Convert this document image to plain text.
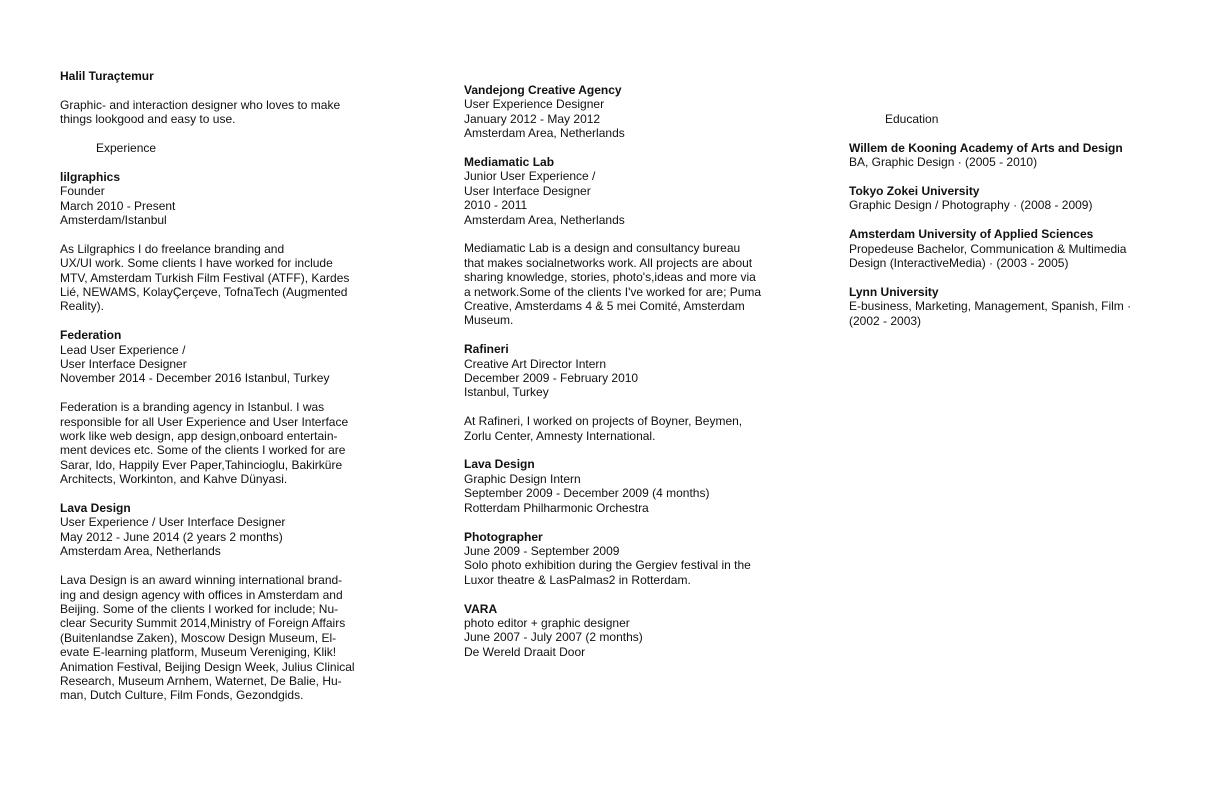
Halil Turaçtemur
Graphic- and interaction designer who loves to make
things lookgood and easy to use.
Experience
lilgraphics
Founder
March 2010 - Present
Amsterdam/Istanbul
As Lilgraphics I do freelance branding and
UX/UI work. Some clients I have worked for include
MTV, Amsterdam Turkish Film Festival (ATFF), Kardes
Lié, NEWAMS, KolayÇerçeve, TofnaTech (Augmented
Reality).
Federation
Lead User Experience /
User Interface Designer
November 2014 - December 2016 Istanbul, Turkey
Federation is a branding agency in Istanbul. I was
responsible for all User Experience and User Interface
work like web design, app design,onboard entertain-
ment devices etc. Some of the clients I worked for are
Sarar, Ido, Happily Ever Paper,Tahincioglu, Bakirküre
Architects, Workinton, and Kahve Dünyasi.
Lava Design
User Experience / User Interface Designer
May 2012 - June 2014 (2 years 2 months)
Amsterdam Area, Netherlands
Lava Design is an award winning international brand-
ing and design agency with offices in Amsterdam and
Beijing. Some of the clients I worked for include; Nu-
clear Security Summit 2014,Ministry of Foreign Affairs
(Buitenlandse Zaken), Moscow Design Museum, El-
evate E-learning platform, Museum Vereniging, Klik!
Animation Festival, Beijing Design Week, Julius Clinical
Research, Museum Arnhem, Waternet, De Balie, Hu-
man, Dutch Culture, Film Fonds, Gezondgids.
Vandejong Creative Agency
User Experience Designer
January 2012 - May 2012
Amsterdam Area, Netherlands
Mediamatic Lab
Junior User Experience /
User Interface Designer
2010 - 2011
Amsterdam Area, Netherlands
Mediamatic Lab is a design and consultancy bureau
that makes socialnetworks work. All projects are about
sharing knowledge, stories, photo's,ideas and more via
a network.Some of the clients I've worked for are; Puma
Creative, Amsterdams 4 & 5 mei Comité, Amsterdam
Museum.
Rafineri
Creative Art Director Intern
December 2009 - February 2010
Istanbul, Turkey
At Rafineri, I worked on projects of Boyner, Beymen,
Zorlu Center, Amnesty International.
Lava Design
Graphic Design Intern
September 2009 - December 2009 (4 months)
Rotterdam Philharmonic Orchestra
Photographer
June 2009 - September 2009
Solo photo exhibition during the Gergiev festival in the
Luxor theatre & LasPalmas2 in Rotterdam.
VARA
photo editor + graphic designer
June 2007 - July 2007 (2 months)
De Wereld Draait Door
Education
Willem de Kooning Academy of Arts and Design
BA, Graphic Design · (2005 - 2010)
Tokyo Zokei University
Graphic Design / Photography · (2008 - 2009)
Amsterdam University of Applied Sciences
Propedeuse Bachelor, Communication & Multimedia
Design (InteractiveMedia) · (2003 - 2005)
Lynn University
E-business, Marketing, Management, Spanish, Film ·
(2002 - 2003)
